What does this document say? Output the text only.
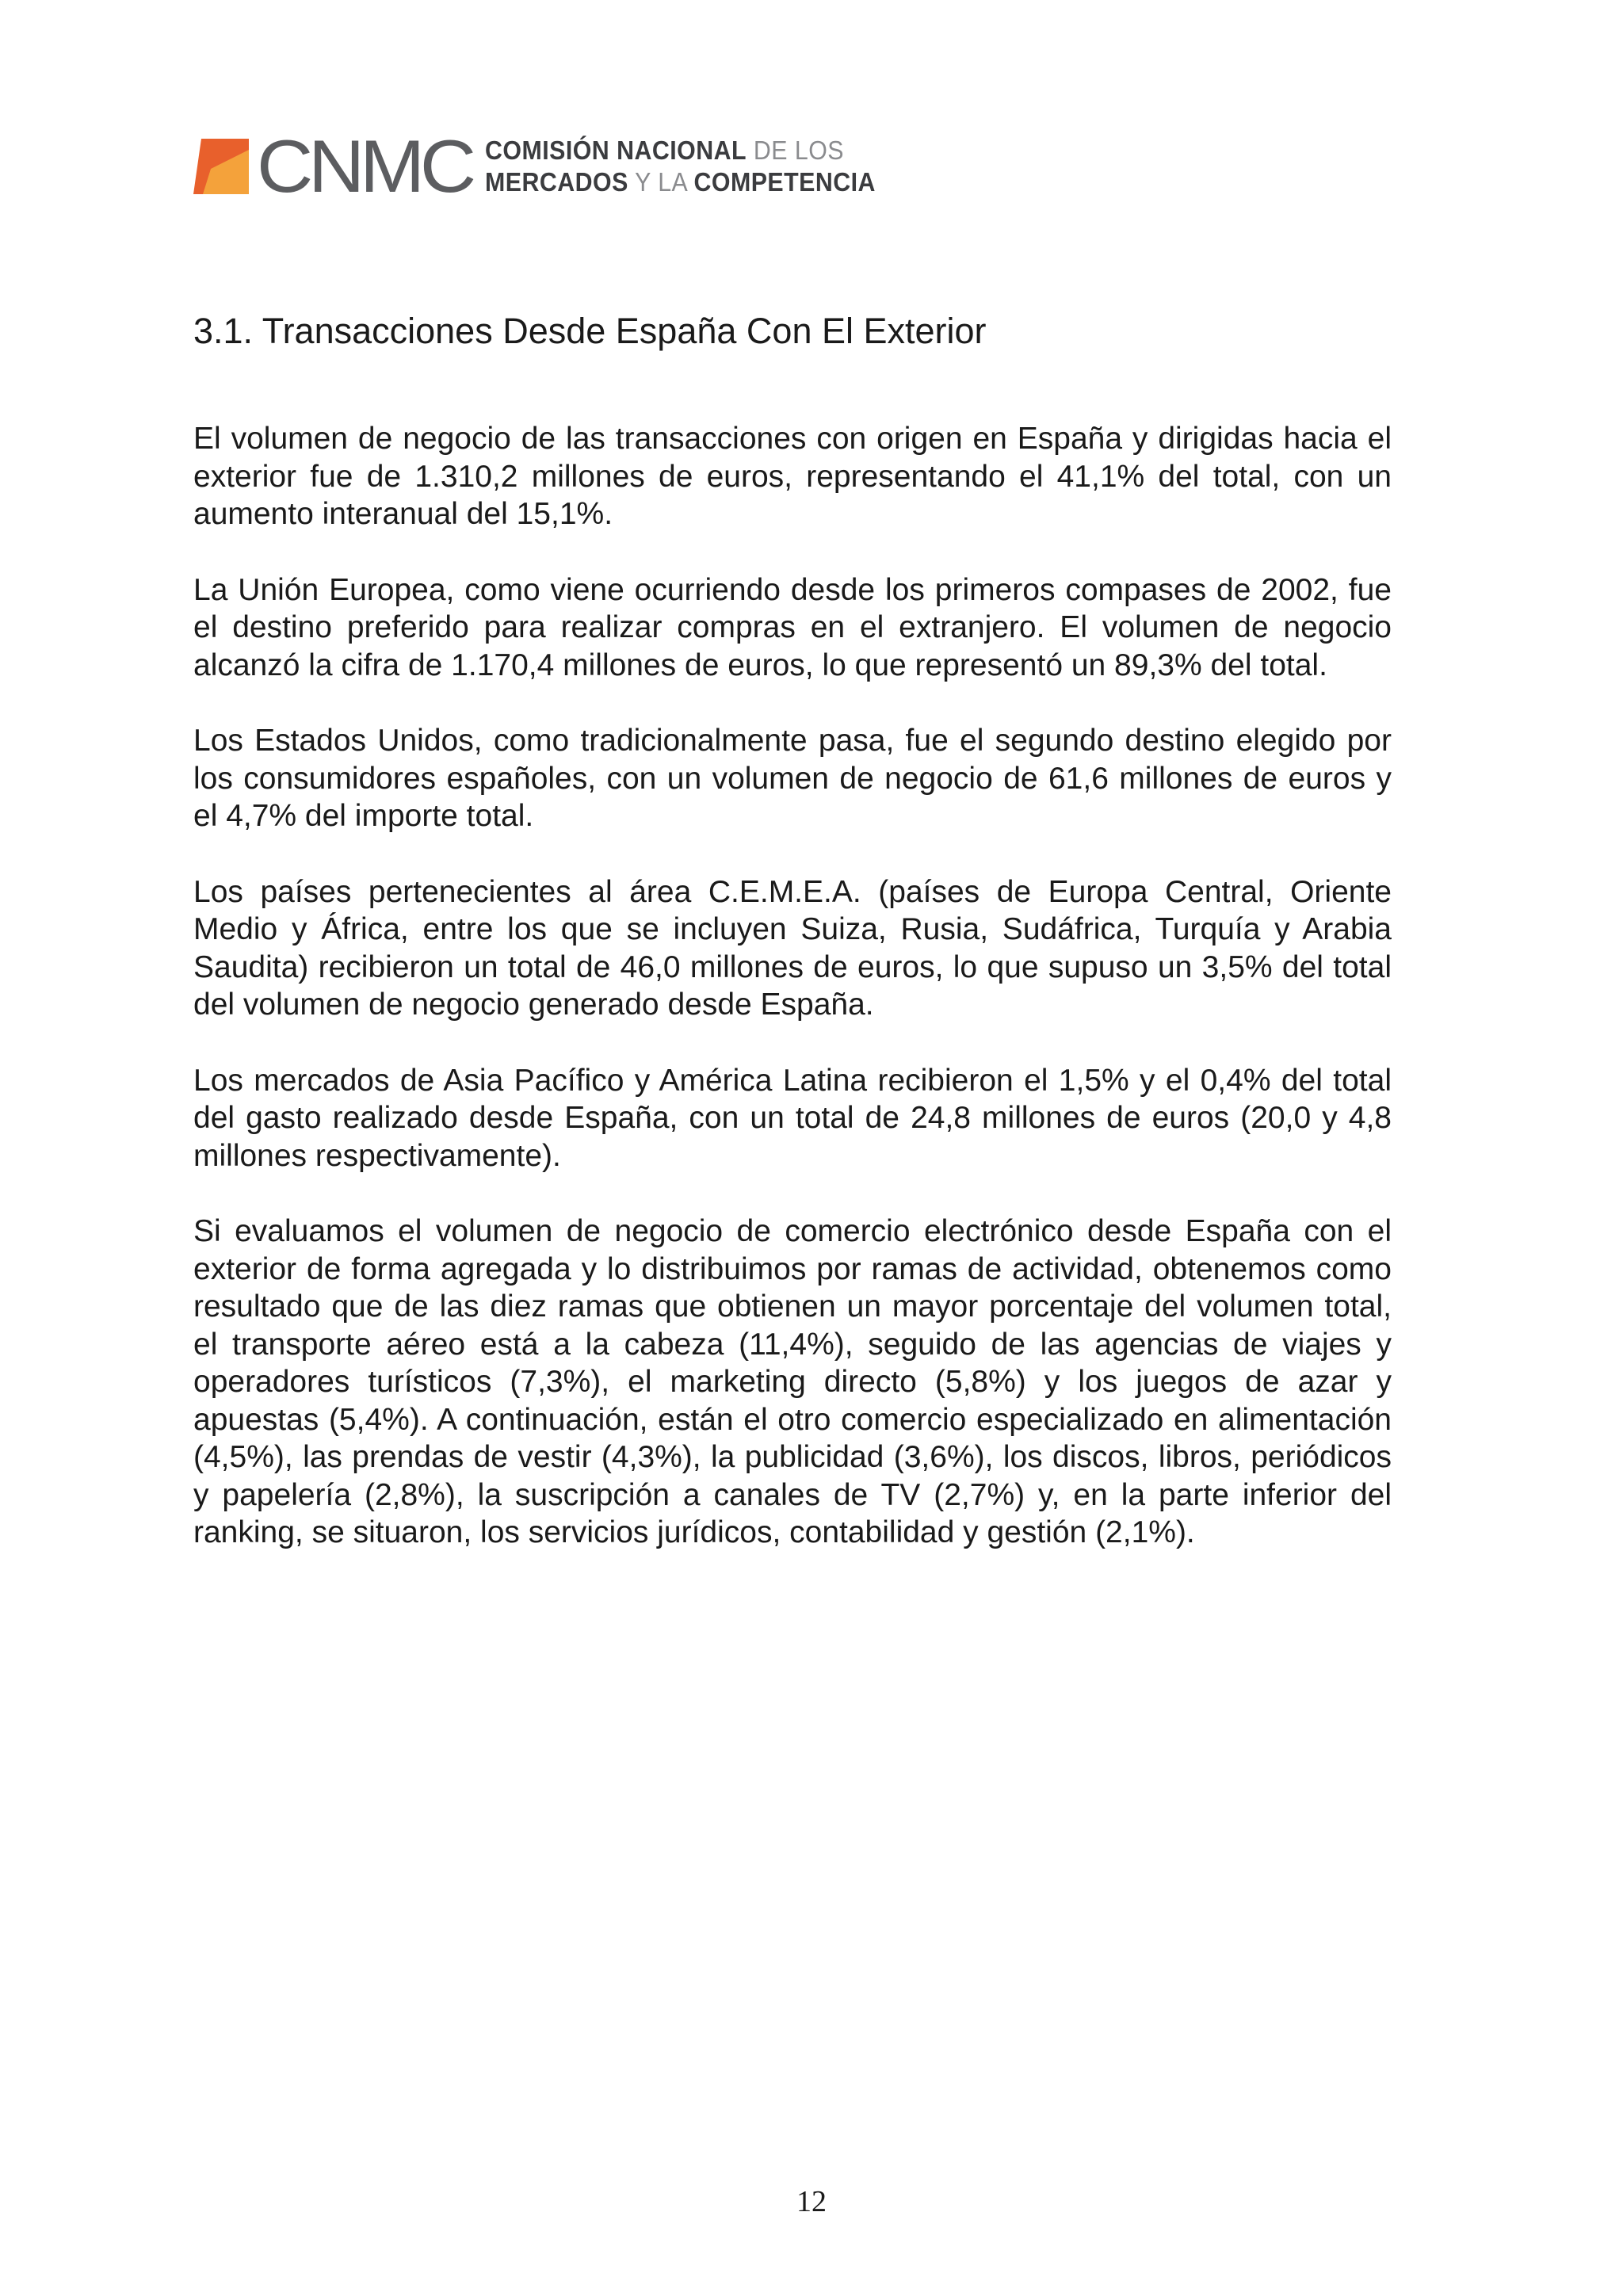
CNMC COMISIÓN NACIONAL DE LOS
MERCADOS Y LA COMPETENCIA
3.1. Transacciones Desde España Con El Exterior

El volumen de negocio de las transacciones con origen en España y dirigidas hacia el exterior fue de 1.310,2 millones de euros, representando el 41,1% del total, con un aumento interanual del 15,1%.

La Unión Europea, como viene ocurriendo desde los primeros compases de 2002, fue el destino preferido para realizar compras en el extranjero. El volumen de negocio alcanzó la cifra de 1.170,4 millones de euros, lo que representó un 89,3% del total.

Los Estados Unidos, como tradicionalmente pasa, fue el segundo destino elegido por los consumidores españoles, con un volumen de negocio de 61,6 millones de euros y el 4,7% del importe total.

Los países pertenecientes al área C.E.M.E.A. (países de Europa Central, Oriente Medio y África, entre los que se incluyen Suiza, Rusia, Sudáfrica, Turquía y Arabia Saudita) recibieron un total de 46,0 millones de euros, lo que supuso un 3,5% del total del volumen de negocio generado desde España.

Los mercados de Asia Pacífico y América Latina recibieron el 1,5% y el 0,4% del total del gasto realizado desde España, con un total de 24,8 millones de euros (20,0 y 4,8 millones respectivamente).

Si evaluamos el volumen de negocio de comercio electrónico desde España con el exterior de forma agregada y lo distribuimos por ramas de actividad, obtenemos como resultado que de las diez ramas que obtienen un mayor porcentaje del volumen total, el transporte aéreo está a la cabeza (11,4%), seguido de las agencias de viajes y operadores turísticos (7,3%), el marketing directo (5,8%) y los juegos de azar y apuestas (5,4%). A continuación, están el otro comercio especializado en alimentación (4,5%), las prendas de vestir (4,3%), la publicidad (3,6%), los discos, libros, periódicos y papelería (2,8%), la suscripción a canales de TV (2,7%) y, en la parte inferior del ranking, se situaron, los servicios jurídicos, contabilidad y gestión (2,1%).

12
